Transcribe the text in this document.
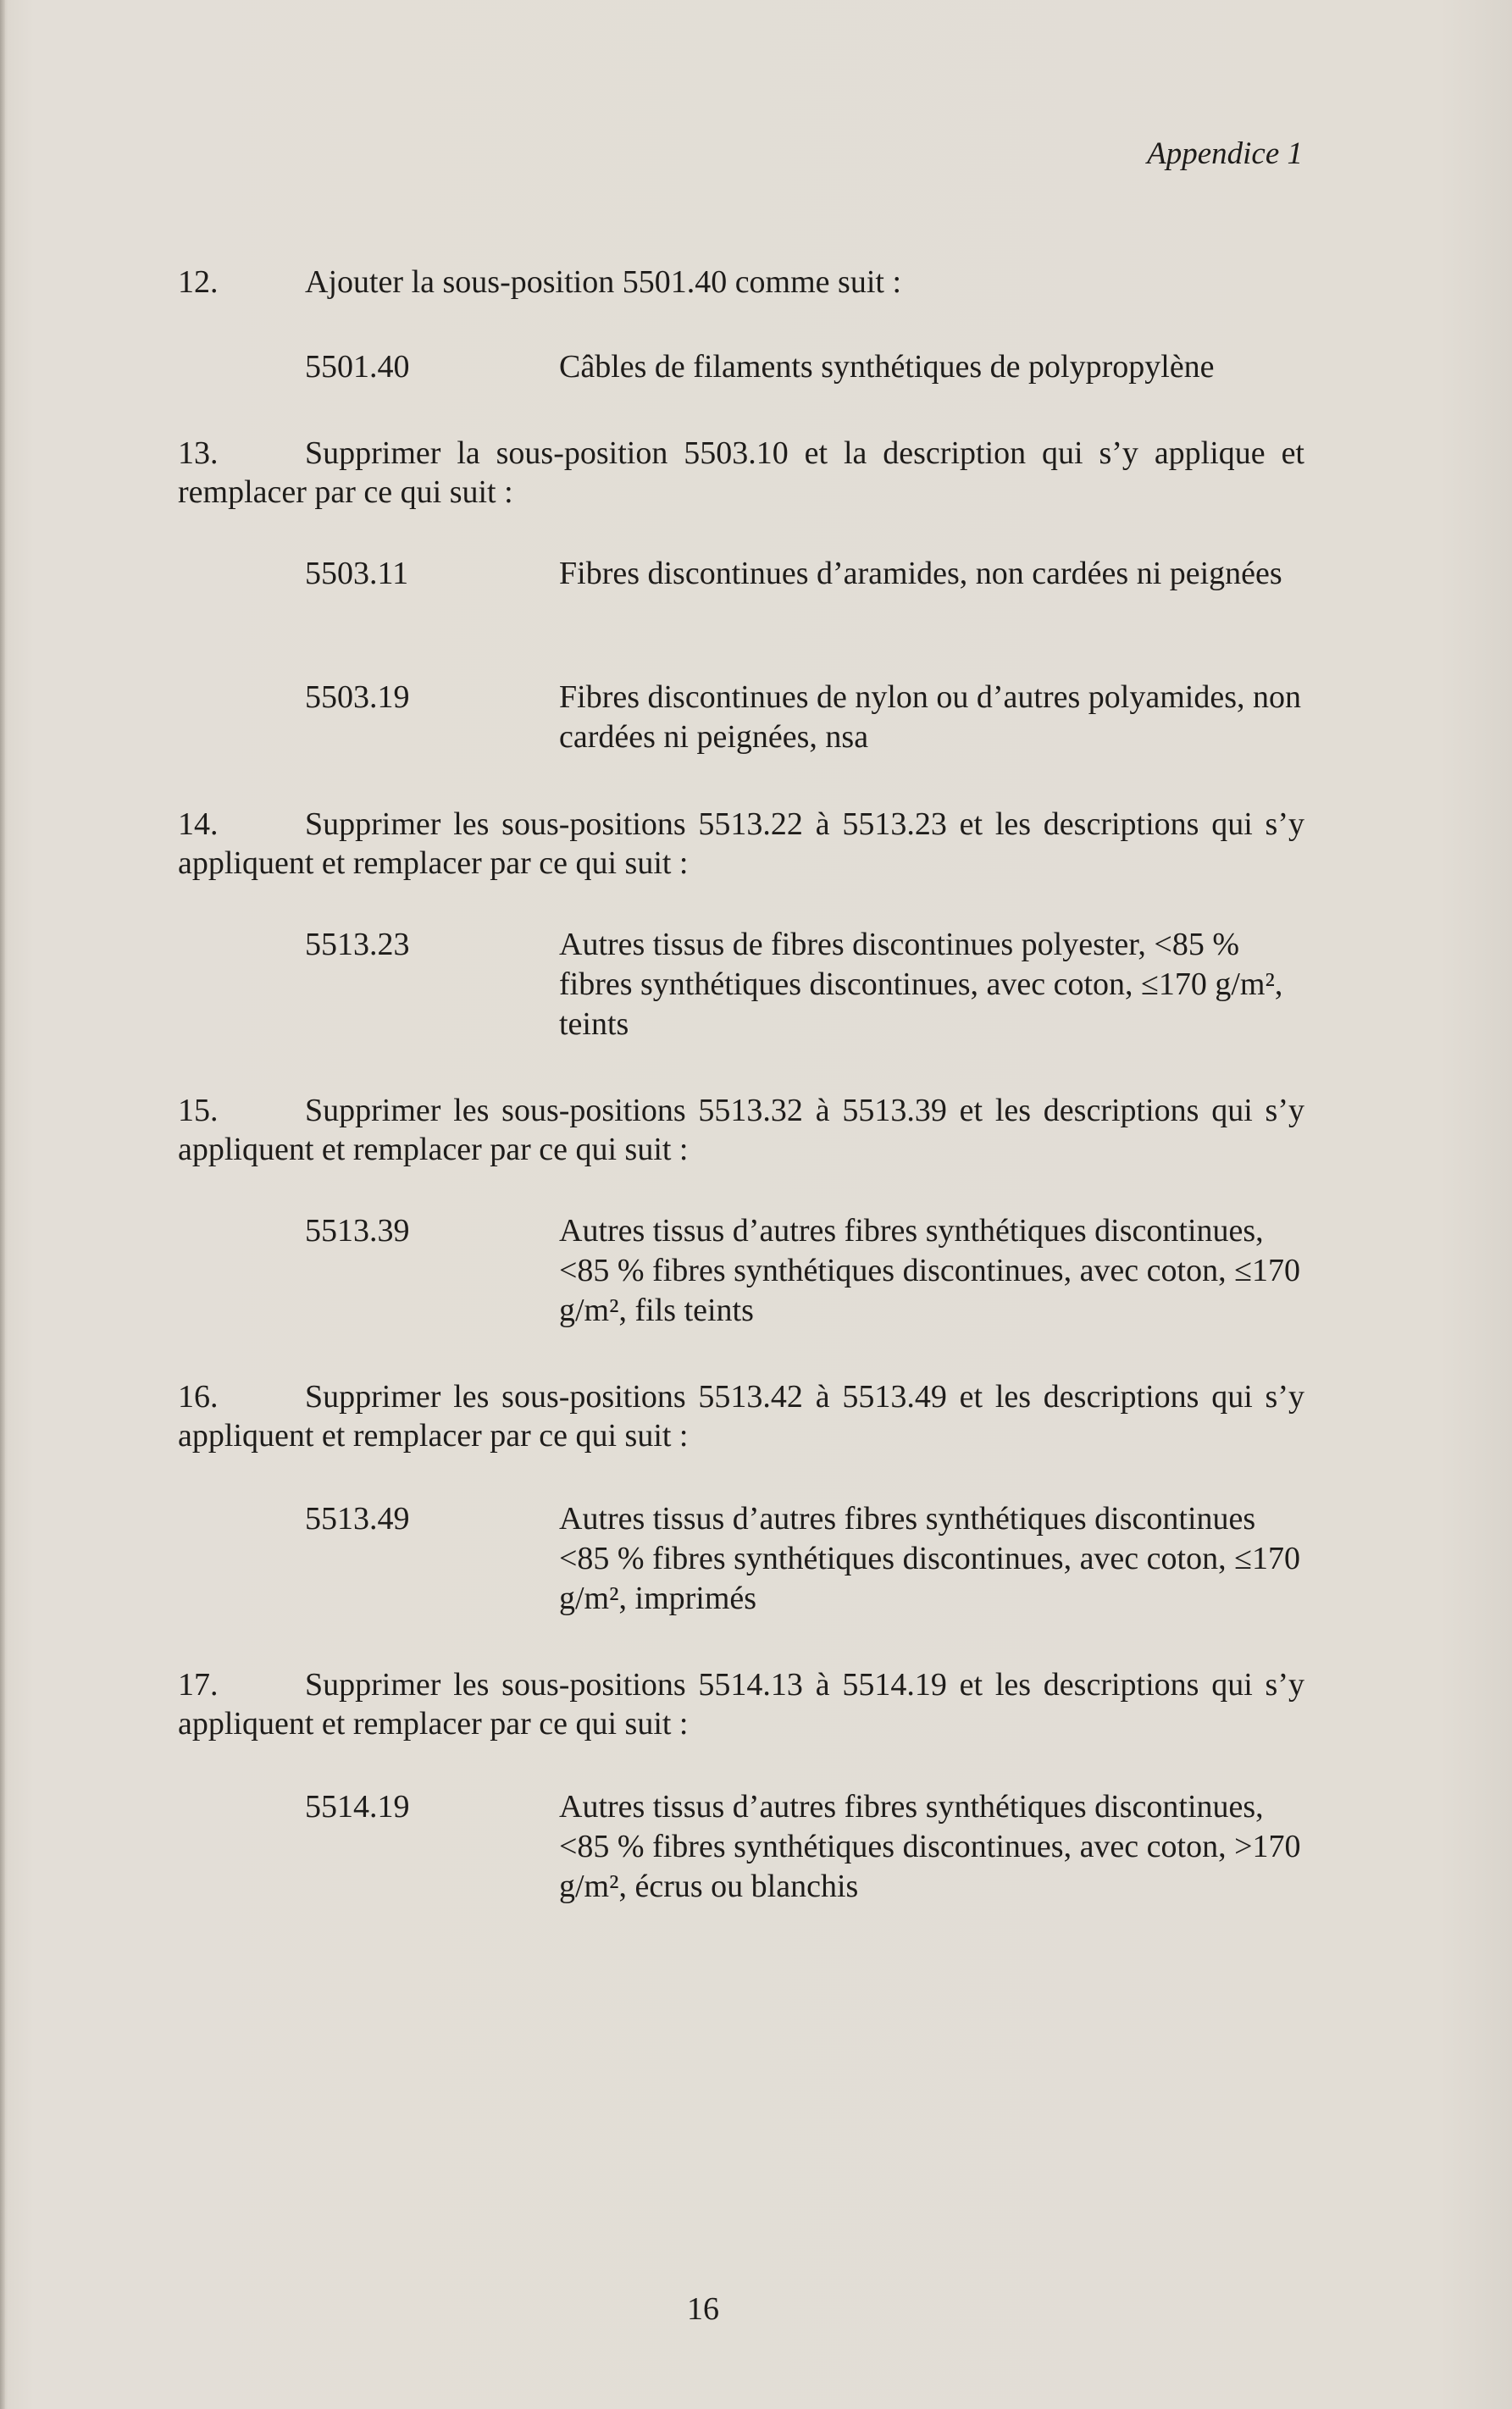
Appendice 1
12.	Ajouter la sous-position 5501.40 comme suit :
5501.40	Câbles de filaments synthétiques de polypropylène
13.	Supprimer la sous-position 5503.10 et la description qui s’y applique et remplacer par ce qui suit :
5503.11	Fibres discontinues d’aramides, non cardées ni peignées
5503.19	Fibres discontinues de nylon ou d’autres polyamides, non cardées ni peignées, nsa
14.	Supprimer les sous-positions 5513.22 à 5513.23 et les descriptions qui s’y appliquent et remplacer par ce qui suit :
5513.23	Autres tissus de fibres discontinues polyester, <85 % fibres synthétiques discontinues, avec coton, ≤170 g/m², teints
15.	Supprimer les sous-positions 5513.32 à 5513.39 et les descriptions qui s’y appliquent et remplacer par ce qui suit :
5513.39	Autres tissus d’autres fibres synthétiques discontinues, <85 % fibres synthétiques discontinues, avec coton, ≤170 g/m², fils teints
16.	Supprimer les sous-positions 5513.42 à 5513.49 et les descriptions qui s’y appliquent et remplacer par ce qui suit :
5513.49	Autres tissus d’autres fibres synthétiques discontinues <85 % fibres synthétiques discontinues, avec coton, ≤170 g/m², imprimés
17.	Supprimer les sous-positions 5514.13 à 5514.19 et les descriptions qui s’y appliquent et remplacer par ce qui suit :
5514.19	Autres tissus d’autres fibres synthétiques discontinues, <85 % fibres synthétiques discontinues, avec coton, >170 g/m², écrus ou blanchis
16
